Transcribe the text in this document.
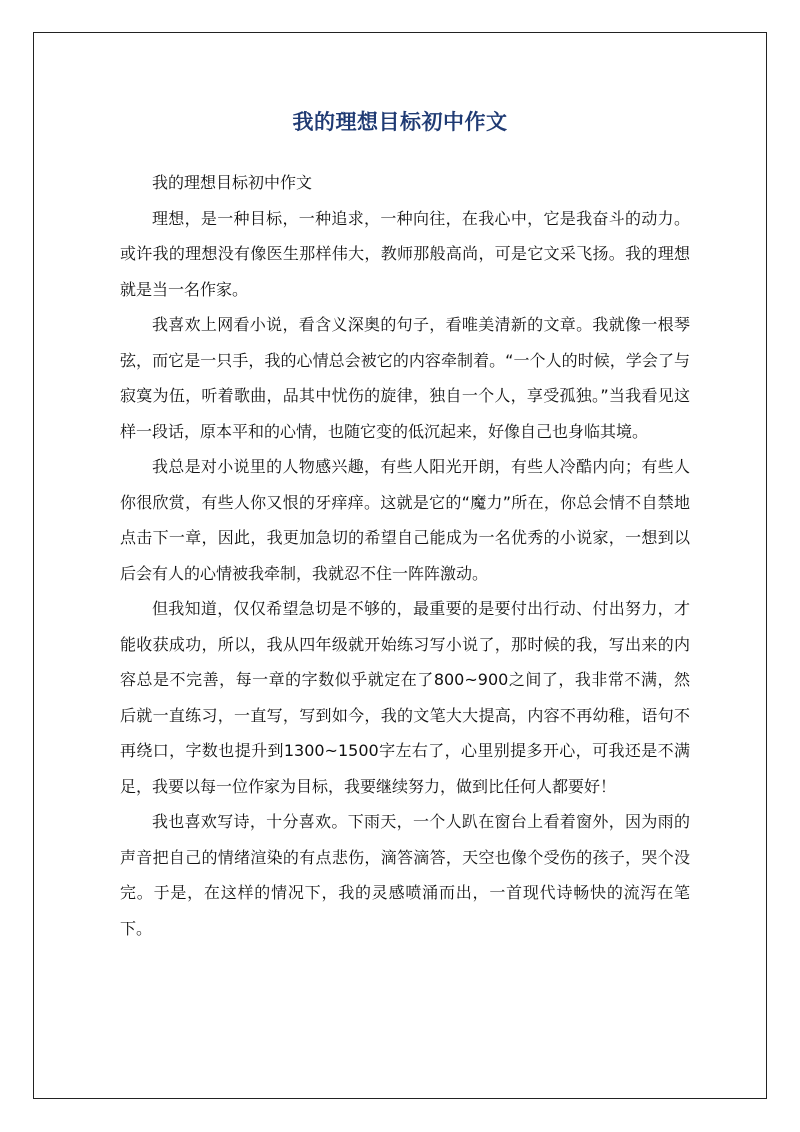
我的理想目标初中作文

我的理想目标初中作文

理想，是一种目标，一种追求，一种向往，在我心中，它是我奋斗的动力。或许我的理想没有像医生那样伟大，教师那般高尚，可是它文采飞扬。我的理想就是当一名作家。

我喜欢上网看小说，看含义深奥的句子，看唯美清新的文章。我就像一根琴弦，而它是一只手，我的心情总会被它的内容牵制着。“一个人的时候，学会了与寂寞为伍，听着歌曲，品其中忧伤的旋律，独自一个人，享受孤独。”当我看见这样一段话，原本平和的心情，也随它变的低沉起来，好像自己也身临其境。

我总是对小说里的人物感兴趣，有些人阳光开朗，有些人冷酷内向；有些人你很欣赏，有些人你又恨的牙痒痒。这就是它的“魔力”所在，你总会情不自禁地点击下一章，因此，我更加急切的希望自己能成为一名优秀的小说家，一想到以后会有人的心情被我牵制，我就忍不住一阵阵激动。

但我知道，仅仅希望急切是不够的，最重要的是要付出行动、付出努力，才能收获成功，所以，我从四年级就开始练习写小说了，那时候的我，写出来的内容总是不完善，每一章的字数似乎就定在了800~900之间了，我非常不满，然后就一直练习，一直写，写到如今，我的文笔大大提高，内容不再幼稚，语句不再绕口，字数也提升到1300~1500字左右了，心里别提多开心，可我还是不满足，我要以每一位作家为目标，我要继续努力，做到比任何人都要好！

我也喜欢写诗，十分喜欢。下雨天，一个人趴在窗台上看着窗外，因为雨的声音把自己的情绪渲染的有点悲伤，滴答滴答，天空也像个受伤的孩子，哭个没完。于是，在这样的情况下，我的灵感喷涌而出，一首现代诗畅快的流泻在笔下。
